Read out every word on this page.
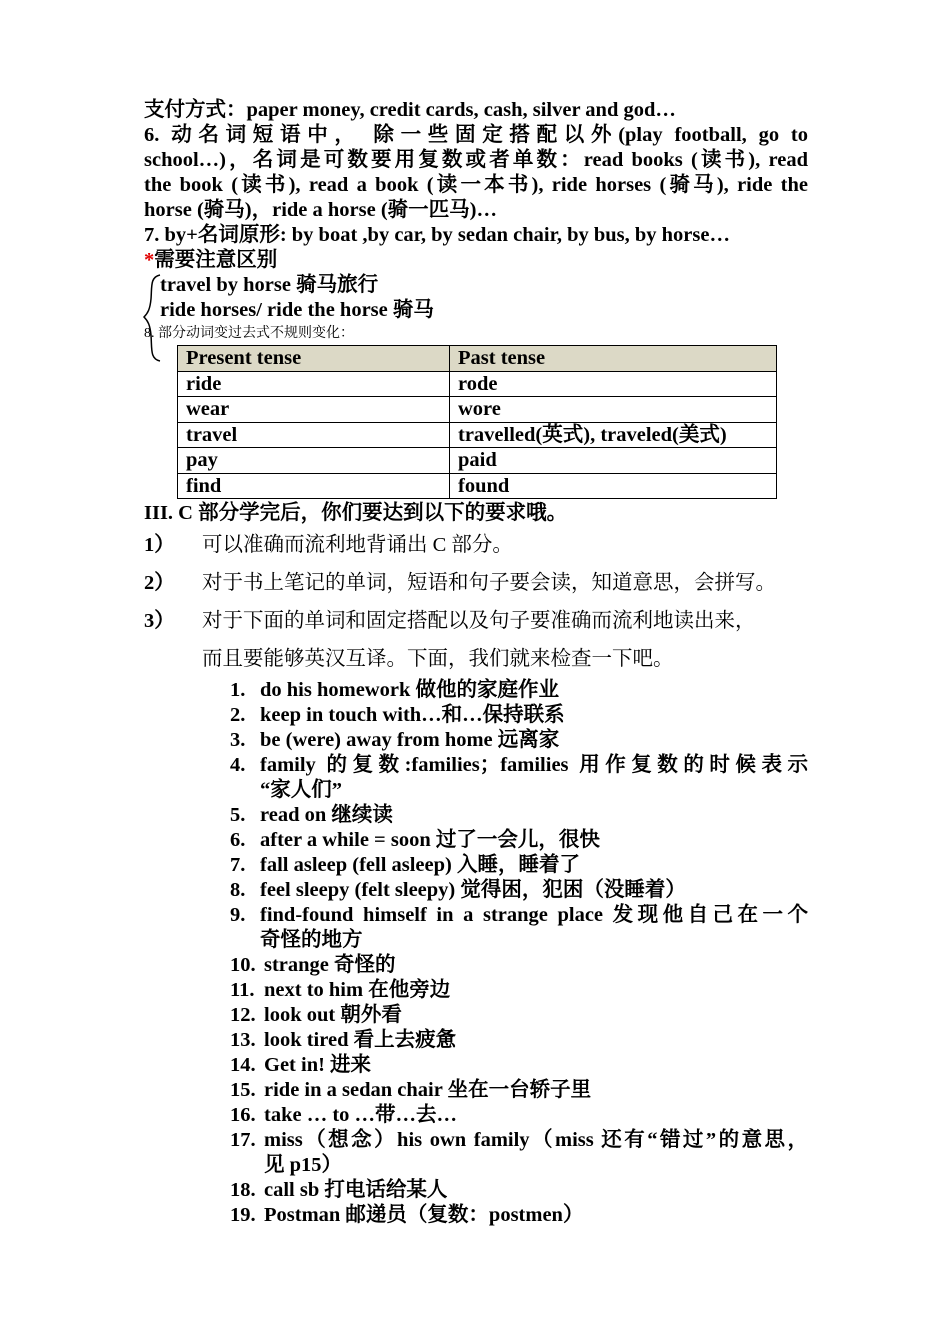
支付方式：paper money, credit cards, cash, silver and god…
6. 动名词短语中， 除一些固定搭配以外(play football, go to
school…)，名词是可数要用复数或者单数：read books (读书), read
the book (读书), read a book (读一本书), ride horses (骑马), ride the
horse (骑马)，ride a horse (骑一匹马)…
7. by+名词原形: by boat ,by car, by sedan chair, by bus, by horse…
*需要注意区别
travel by horse 骑马旅行
ride horses/ ride the horse 骑马
8. 部分动词变过去式不规则变化：
Present tense	Past tense
ride	rode
wear	wore
travel	travelled(英式), traveled(美式)
pay	paid
find	found
III. C 部分学完后，你们要达到以下的要求哦。
1） 可以准确而流利地背诵出 C 部分。
2） 对于书上笔记的单词，短语和句子要会读，知道意思，会拼写。
3） 对于下面的单词和固定搭配以及句子要准确而流利地读出来，
而且要能够英汉互译。下面，我们就来检查一下吧。
1. do his homework 做他的家庭作业
2. keep in touch with…和…保持联系
3. be (were) away from home 远离家
4. family 的复数:families；families 用作复数的时候表示
“家人们”
5. read on 继续读
6. after a while = soon 过了一会儿，很快
7. fall asleep (fell asleep) 入睡，睡着了
8. feel sleepy (felt sleepy) 觉得困，犯困（没睡着）
9. find-found himself in a strange place 发现他自己在一个
奇怪的地方
10. strange 奇怪的
11. next to him 在他旁边
12. look out 朝外看
13. look tired 看上去疲惫
14. Get in! 进来
15. ride in a sedan chair 坐在一台轿子里
16. take … to …带…去…
17. miss（想念）his own family（miss 还有“错过”的意思，
见 p15）
18. call sb 打电话给某人
19. Postman 邮递员（复数：postmen）
